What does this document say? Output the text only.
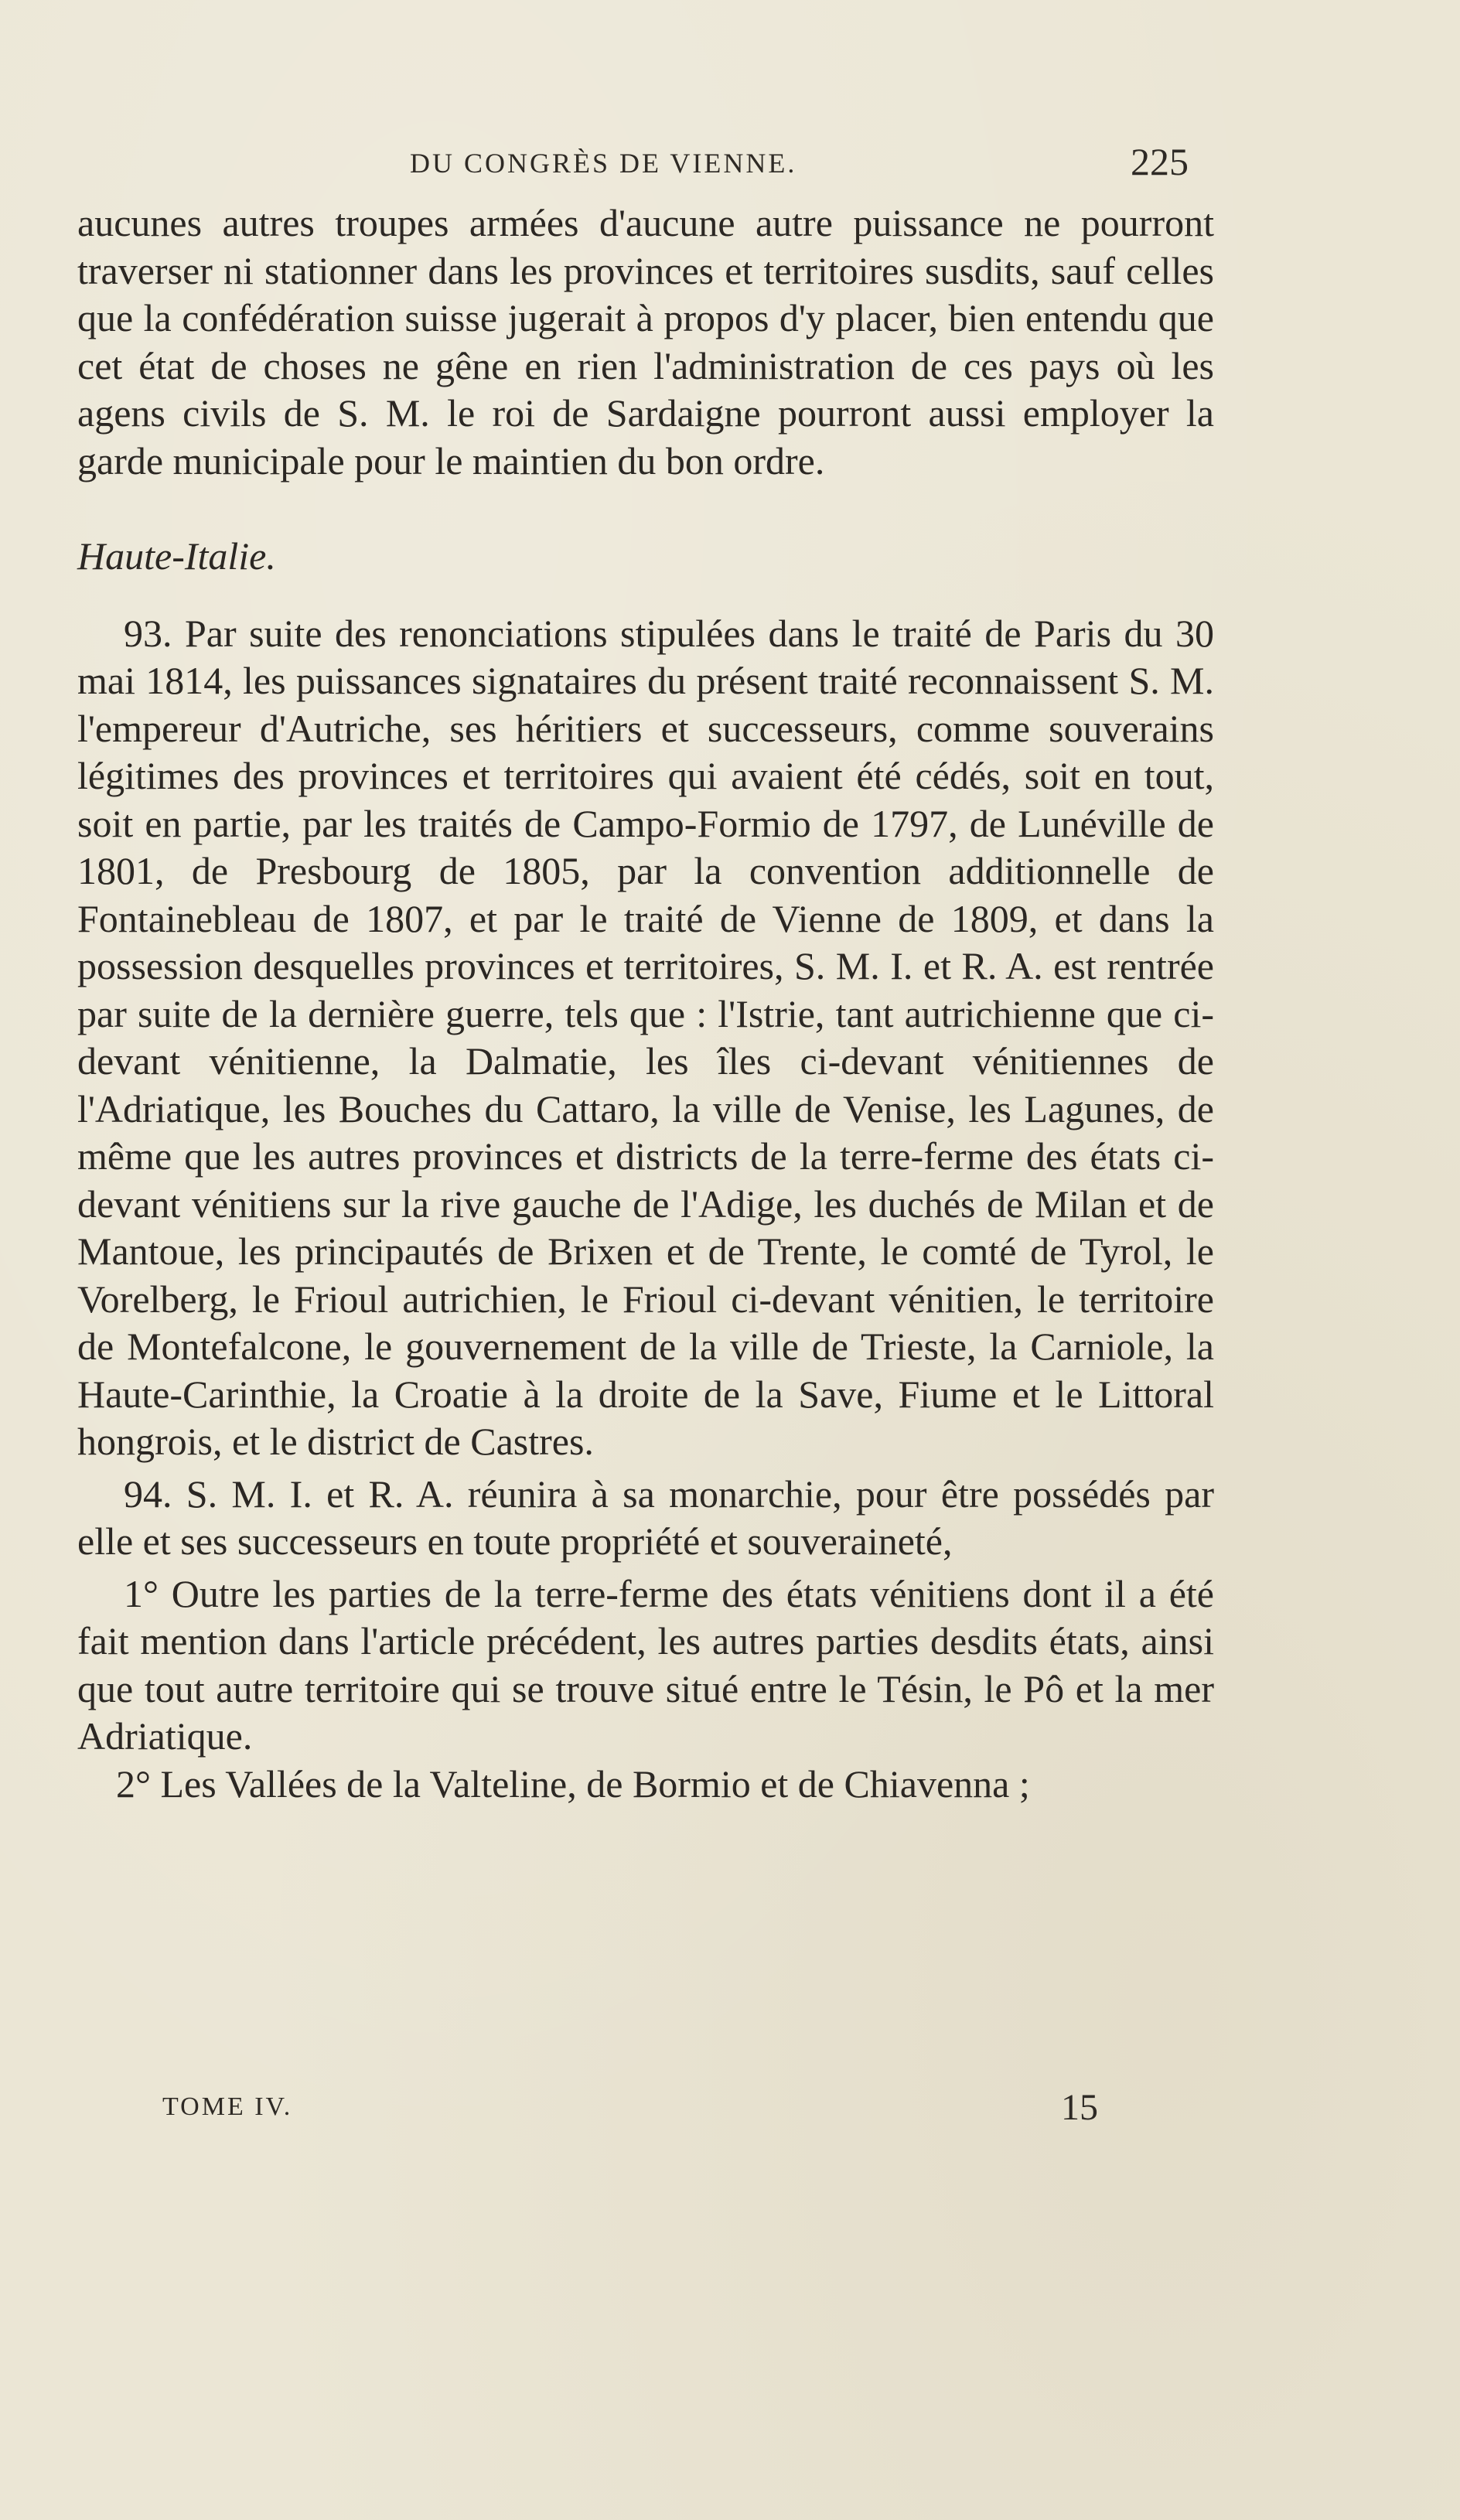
DU CONGRÈS DE VIENNE.	225

aucunes autres troupes armées d'aucune autre puissance ne pourront traverser ni stationner dans les provinces et territoires susdits, sauf celles que la confédération suisse jugerait à propos d'y placer, bien entendu que cet état de choses ne gêne en rien l'administration de ces pays où les agens civils de S. M. le roi de Sardaigne pourront aussi employer la garde municipale pour le maintien du bon ordre.

Haute-Italie.

93. Par suite des renonciations stipulées dans le traité de Paris du 30 mai 1814, les puissances signataires du présent traité reconnaissent S. M. l'empereur d'Autriche, ses héritiers et successeurs, comme souverains légitimes des provinces et territoires qui avaient été cédés, soit en tout, soit en partie, par les traités de Campo-Formio de 1797, de Lunéville de 1801, de Presbourg de 1805, par la convention additionnelle de Fontainebleau de 1807, et par le traité de Vienne de 1809, et dans la possession desquelles provinces et territoires, S. M. I. et R. A. est rentrée par suite de la dernière guerre, tels que : l'Istrie, tant autrichienne que ci-devant vénitienne, la Dalmatie, les îles ci-devant vénitiennes de l'Adriatique, les Bouches du Cattaro, la ville de Venise, les Lagunes, de même que les autres provinces et districts de la terre-ferme des états ci-devant vénitiens sur la rive gauche de l'Adige, les duchés de Milan et de Mantoue, les principautés de Brixen et de Trente, le comté de Tyrol, le Vorelberg, le Frioul autrichien, le Frioul ci-devant vénitien, le territoire de Montefalcone, le gouvernement de la ville de Trieste, la Carniole, la Haute-Carinthie, la Croatie à la droite de la Save, Fiume et le Littoral hongrois, et le district de Castres.

94. S. M. I. et R. A. réunira à sa monarchie, pour être possédés par elle et ses successeurs en toute propriété et souveraineté,

1° Outre les parties de la terre-ferme des états vénitiens dont il a été fait mention dans l'article précédent, les autres parties desdits états, ainsi que tout autre territoire qui se trouve situé entre le Tésin, le Pô et la mer Adriatique.

2° Les Vallées de la Valteline, de Bormio et de Chiavenna ;

TOME IV.	15
